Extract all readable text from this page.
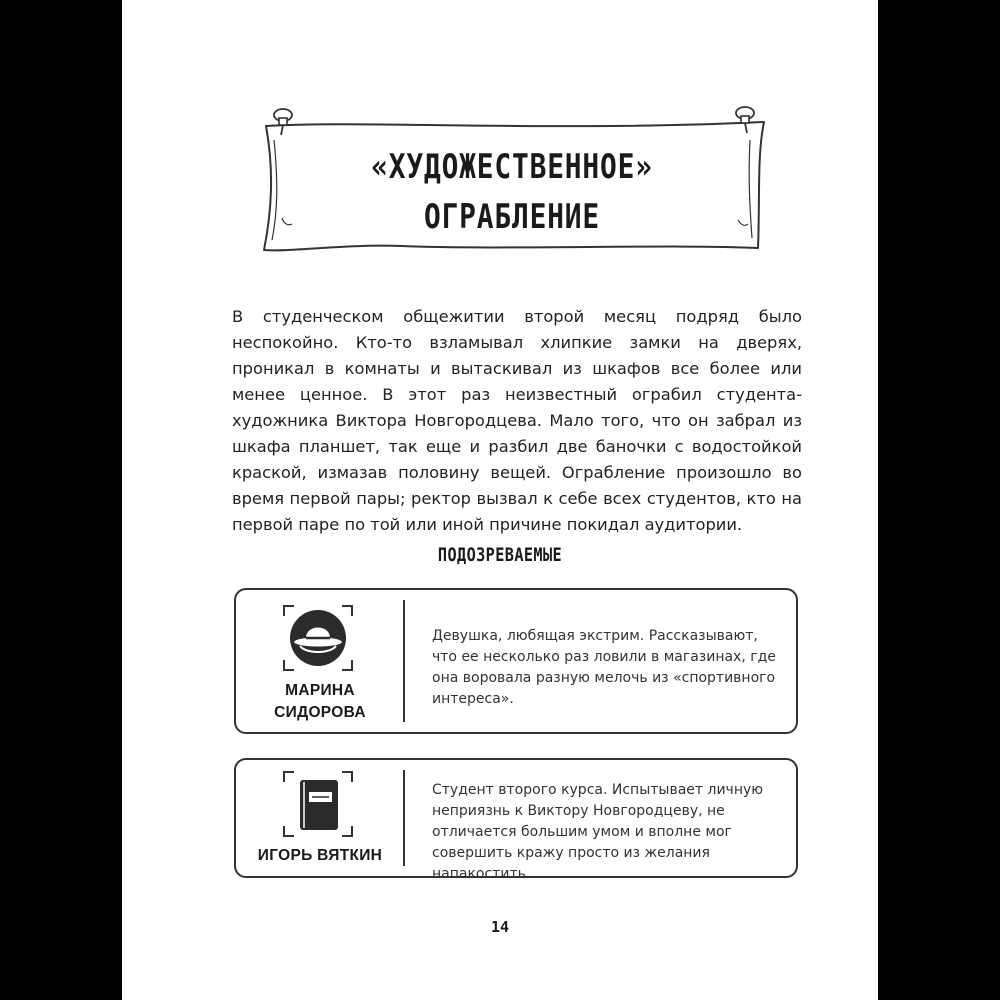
«ХУДОЖЕСТВЕННОЕ»
ОГРАБЛЕНИЕ

В студенческом общежитии второй месяц подряд было неспокойно. Кто-то взламывал хлипкие замки на дверях, проникал в комнаты и вытаскивал из шкафов все более или менее ценное. В этот раз неизвестный ограбил студента-художника Виктора Новгородцева. Мало того, что он забрал из шкафа планшет, так еще и разбил две баночки с водостойкой краской, измазав половину вещей. Ограбление произошло во время первой пары; ректор вызвал к себе всех студентов, кто на первой паре по той или иной причине покидал аудитории.

ПОДОЗРЕВАЕМЫЕ
МАРИНА
СИДОРОВА

Девушка, любящая экстрим. Рассказывают, что ее несколько раз ловили в магазинах, где она воровала разную мелочь из «спортивного интереса».

ИГОРЬ ВЯТКИН

Студент второго курса. Испытывает личную неприязнь к Виктору Новгородцеву, не отличается большим умом и вполне мог совершить кражу просто из желания напакостить.

14
